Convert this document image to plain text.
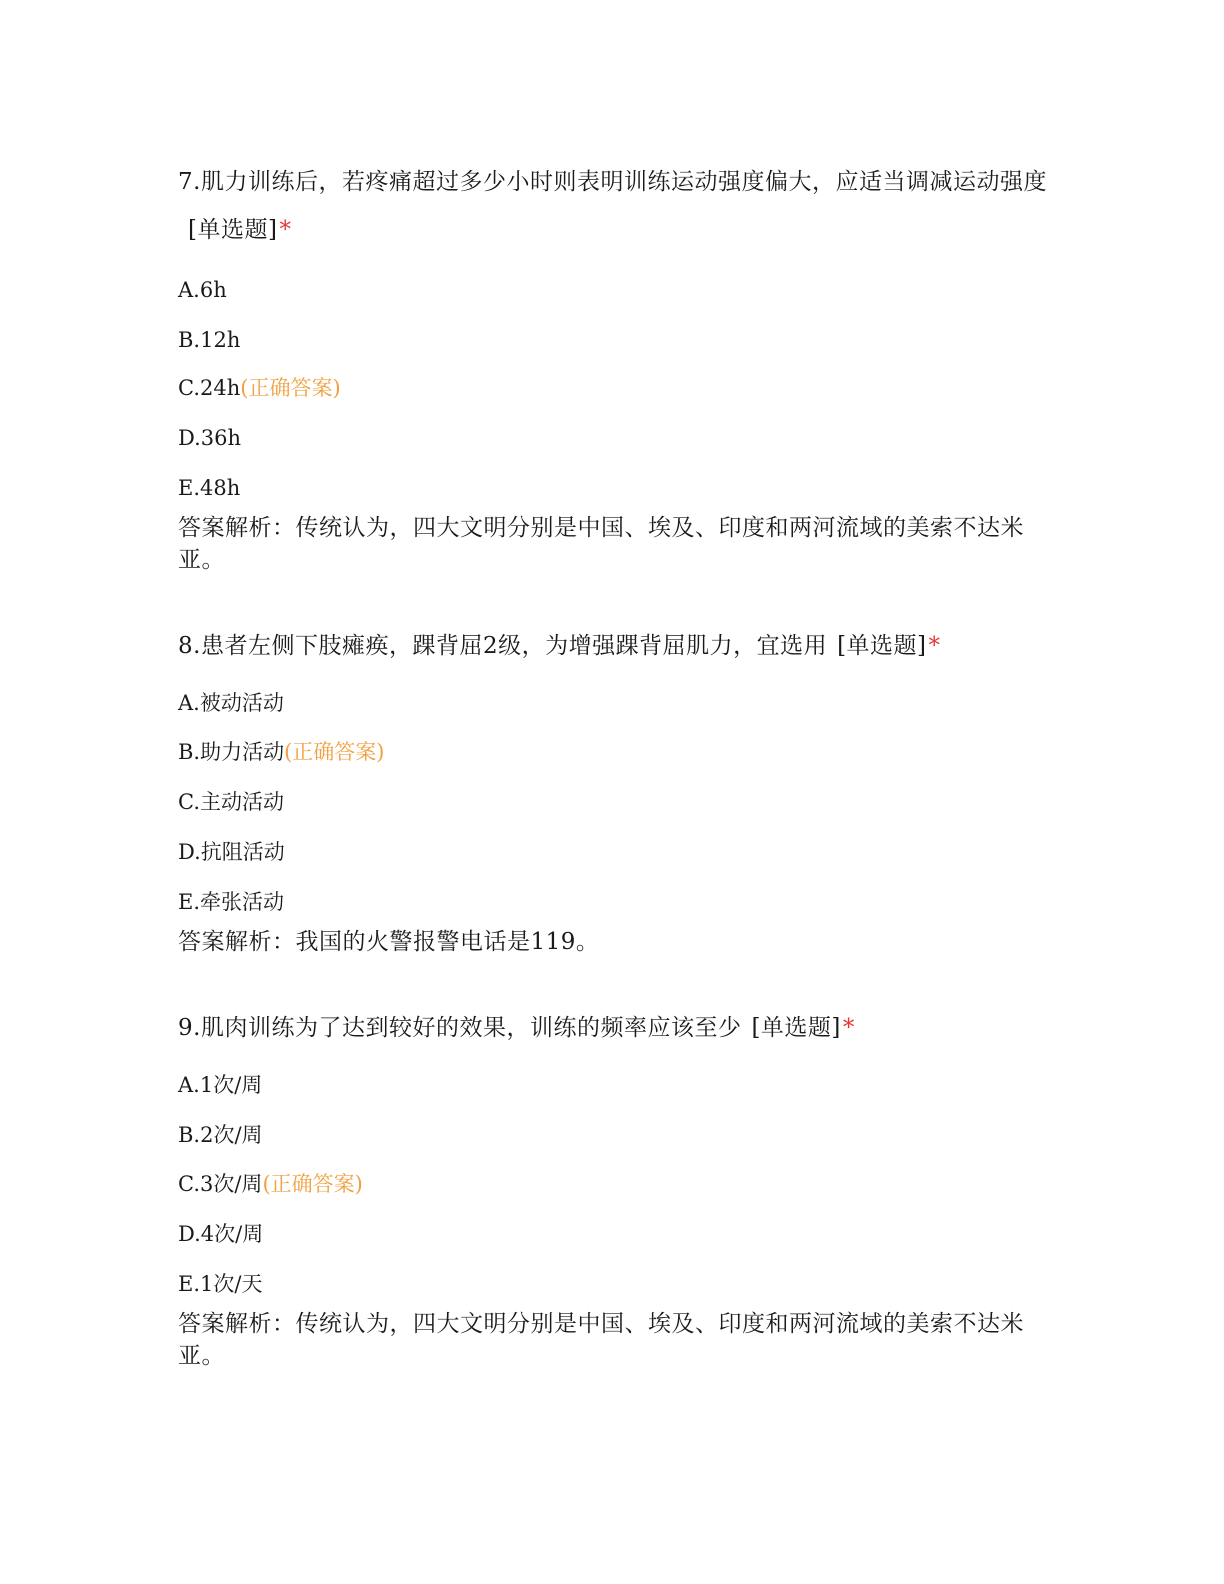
7.肌力训练后，若疼痛超过多少小时则表明训练运动强度偏大，应适当调减运动强度[单选题]*

A.6h
B.12h
C.24h(正确答案)
D.36h
E.48h
答案解析：传统认为，四大文明分别是中国、埃及、印度和两河流域的美索不达米亚。

8.患者左侧下肢瘫痪，踝背屈2级，为增强踝背屈肌力，宜选用 [单选题]*

A.被动活动
B.助力活动(正确答案)
C.主动活动
D.抗阻活动
E.牵张活动
答案解析：我国的火警报警电话是119。

9.肌肉训练为了达到较好的效果，训练的频率应该至少 [单选题]*

A.1次/周
B.2次/周
C.3次/周(正确答案)
D.4次/周
E.1次/天
答案解析：传统认为，四大文明分别是中国、埃及、印度和两河流域的美索不达米亚。
